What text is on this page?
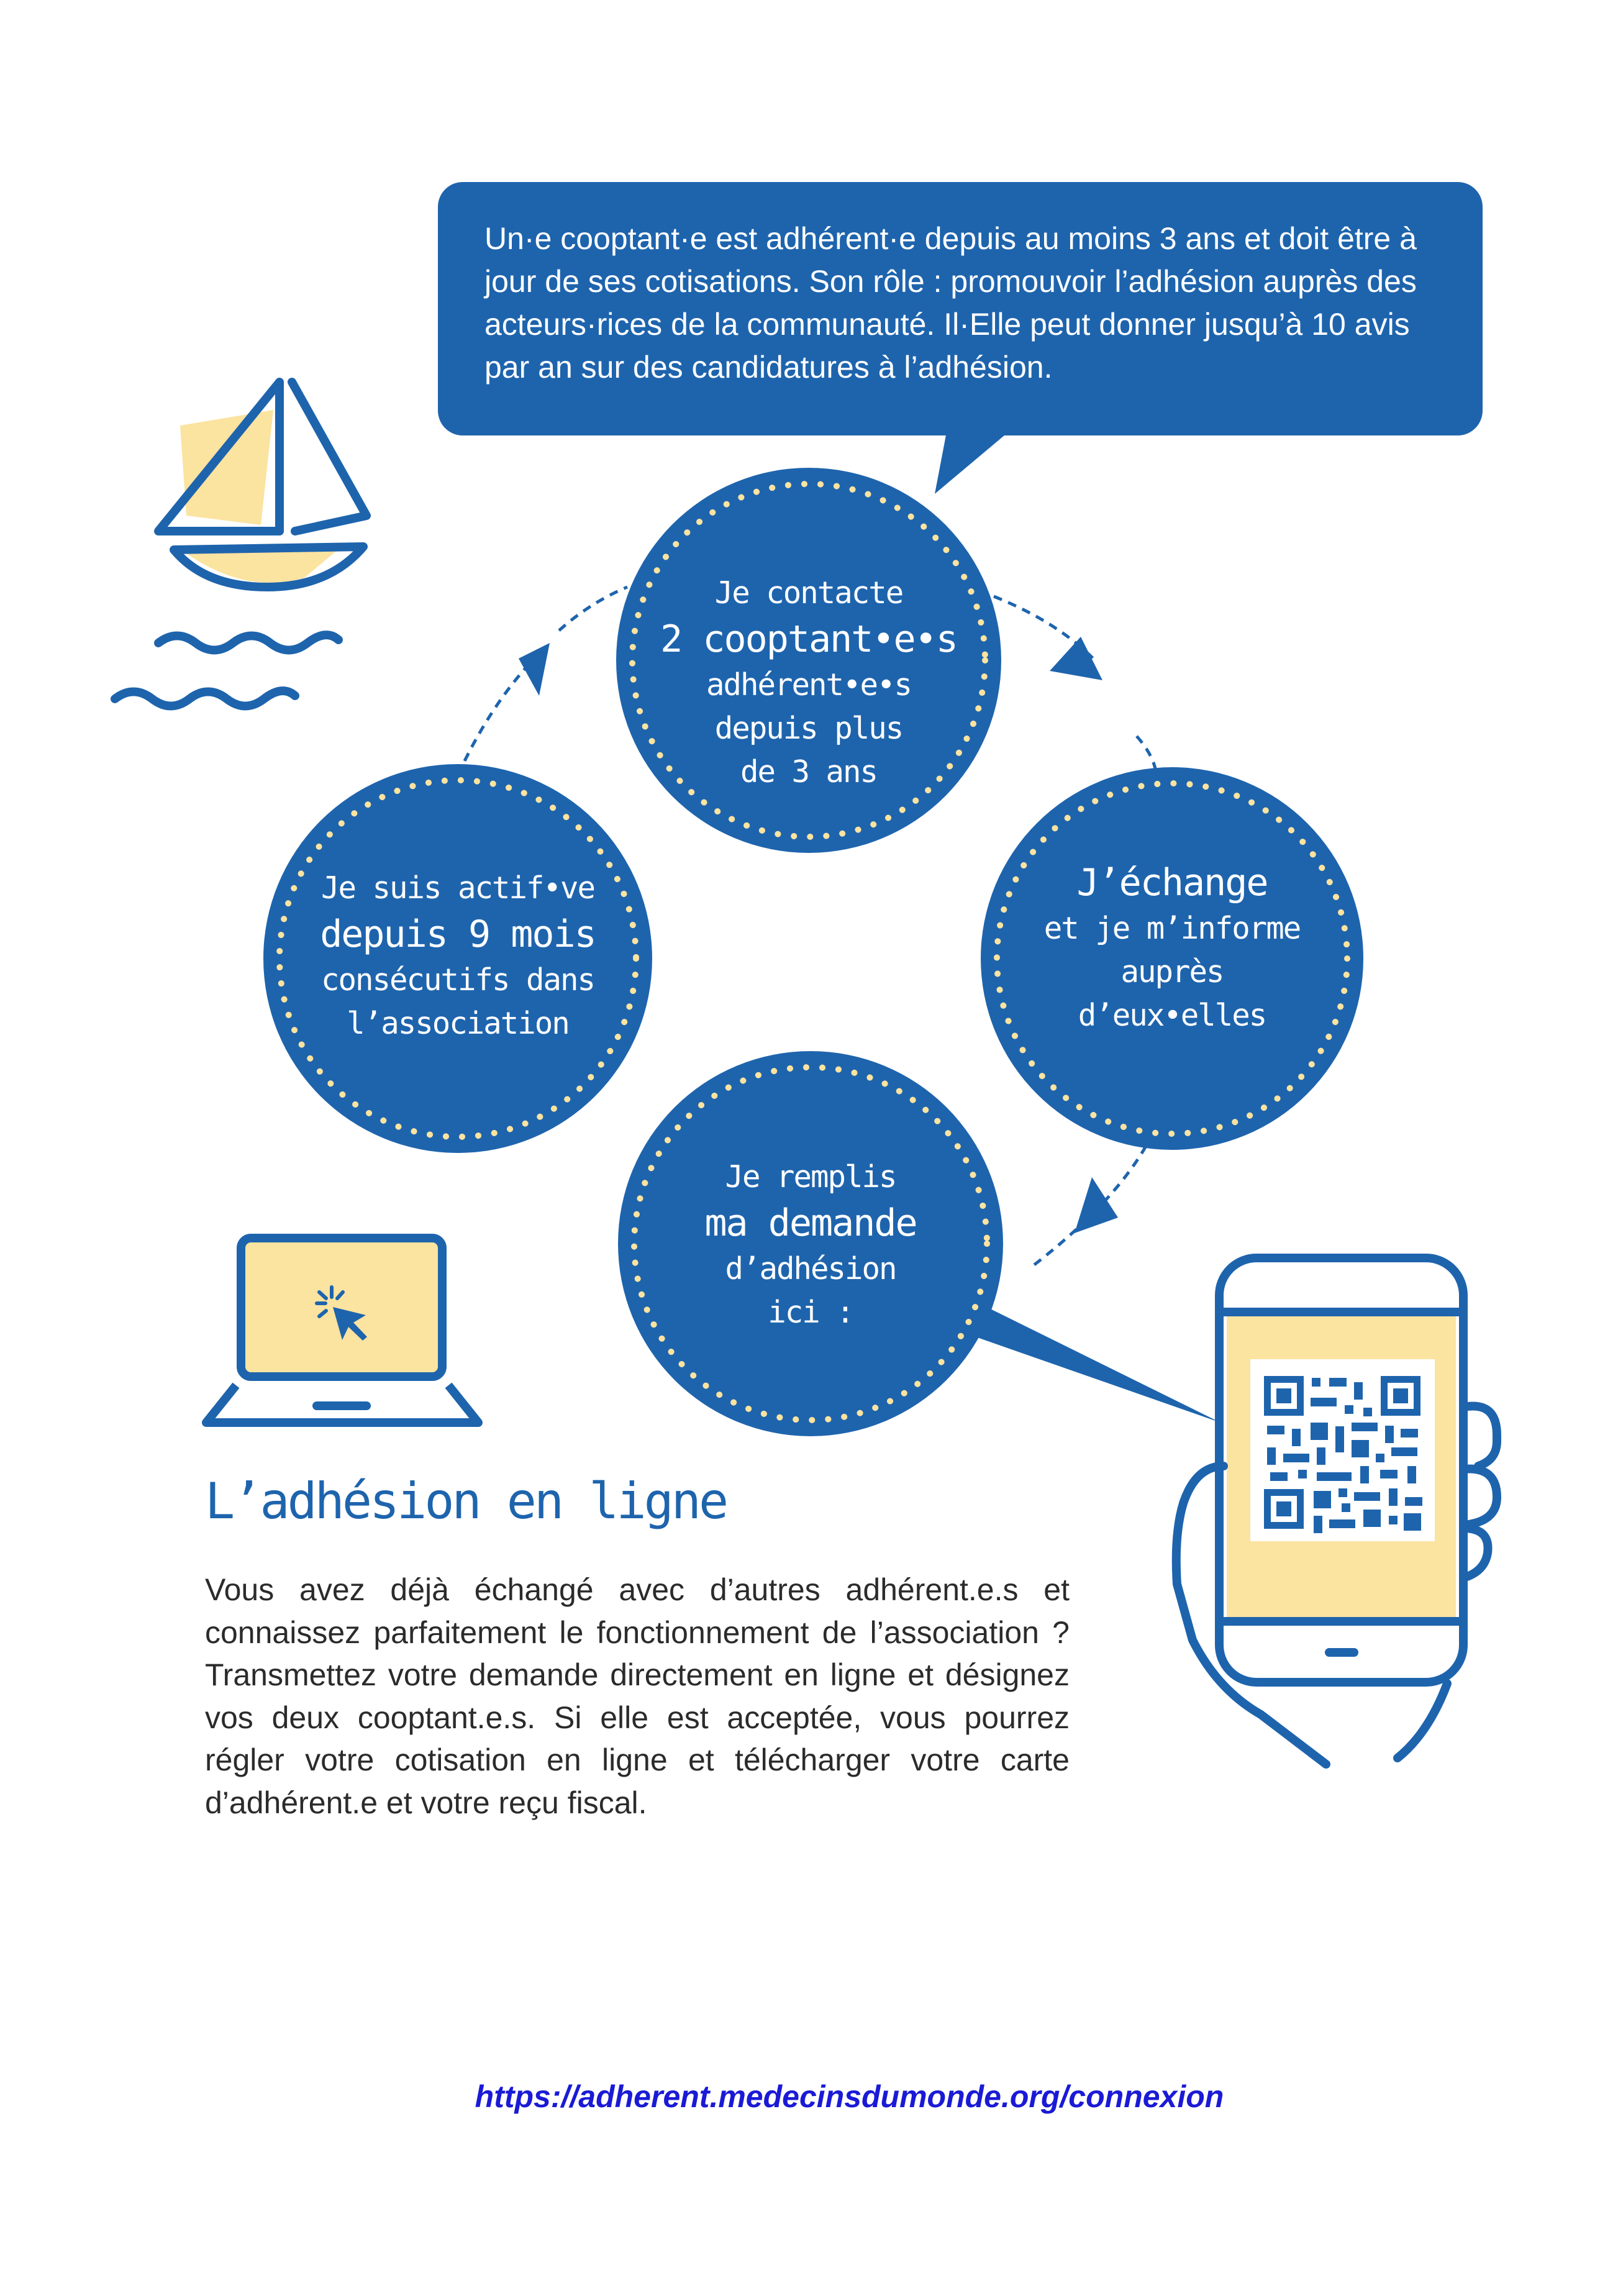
Un·e cooptant·e est adhérent·e depuis au moins 3 ans et doit être à jour de ses cotisations. Son rôle : promouvoir l’adhésion auprès des acteurs·rices de la communauté. Il·Elle peut donner jusqu’à 10 avis par an sur des candidatures à l’adhésion.

Je contacte
2 cooptant•e•s
adhérent•e•s
depuis plus
de 3 ans
J’échange
et je m’informe
auprès
d’eux•elles
Je remplis
ma demande
d’adhésion
ici :
Je suis actif•ve
depuis 9 mois
consécutifs dans
l’association
L’adhésion en ligne

Vous avez déjà échangé avec d’autres adhérent.e.s et connaissez parfaitement le fonctionnement de l’association ? Transmettez votre demande directement en ligne et désignez vos deux cooptant.e.s. Si elle est acceptée, vous pourrez régler votre cotisation en ligne et télécharger votre carte d’adhérent.e et votre reçu fiscal.

https://adherent.medecinsdumonde.org/connexion
